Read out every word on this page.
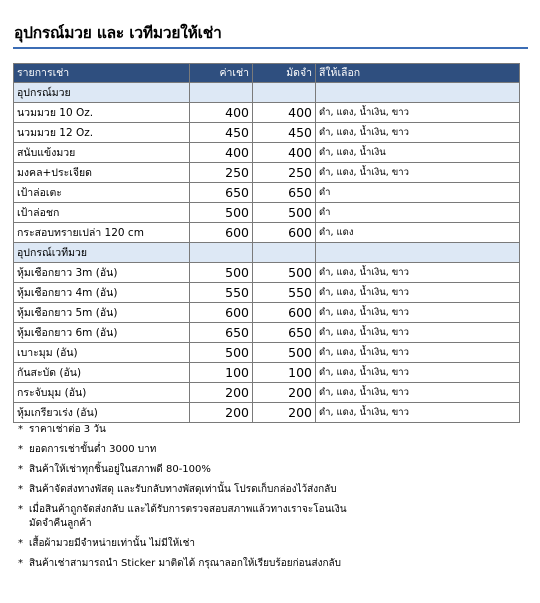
อุปกรณ์มวย และ เวทีมวยให้เช่า
รายการเช่า	ค่าเช่า	มัดจำ	สีให้เลือก
อุปกรณ์มวย			
นวมมวย 10 Oz.	400	400	ดำ, แดง, น้ำเงิน, ขาว
นวมมวย 12 Oz.	450	450	ดำ, แดง, น้ำเงิน, ขาว
สนับแข้งมวย	400	400	ดำ, แดง, น้ำเงิน
มงคล+ประเจียด	250	250	ดำ, แดง, น้ำเงิน, ขาว
เป้าล่อเตะ	650	650	ดำ
เป้าล่อชก	500	500	ดำ
กระสอบทรายเปล่า 120 cm	600	600	ดำ, แดง
อุปกรณ์เวทีมวย			
หุ้มเชือกยาว 3m (อัน)	500	500	ดำ, แดง, น้ำเงิน, ขาว
หุ้มเชือกยาว 4m (อัน)	550	550	ดำ, แดง, น้ำเงิน, ขาว
หุ้มเชือกยาว 5m (อัน)	600	600	ดำ, แดง, น้ำเงิน, ขาว
หุ้มเชือกยาว 6m (อัน)	650	650	ดำ, แดง, น้ำเงิน, ขาว
เบาะมุม (อัน)	500	500	ดำ, แดง, น้ำเงิน, ขาว
กันสะบัด (อัน)	100	100	ดำ, แดง, น้ำเงิน, ขาว
กระจับมุม (อัน)	200	200	ดำ, แดง, น้ำเงิน, ขาว
หุ้มเกรียวเร่ง (อัน)	200	200	ดำ, แดง, น้ำเงิน, ขาว
* ราคาเช่าต่อ 3 วัน
* ยอดการเช่าขั้นต่ำ 3000 บาท
* สินค้าให้เช่าทุกชิ้นอยู่ในสภาพดี 80-100%
* สินค้าจัดส่งทางพัสดุ และรับกลับทางพัสดุเท่านั้น โปรดเก็บกล่องไว้ส่งกลับ
* เมื่อสินค้าถูกจัดส่งกลับ และได้รับการตรวจสอบสภาพแล้วทางเราจะโอนเงิน
มัดจำคืนลูกค้า
* เสื้อผ้ามวยมีจำหน่ายเท่านั้น ไม่มีให้เช่า
* สินค้าเช่าสามารถนำ Sticker มาติดได้ กรุณาลอกให้เรียบร้อยก่อนส่งกลับ
